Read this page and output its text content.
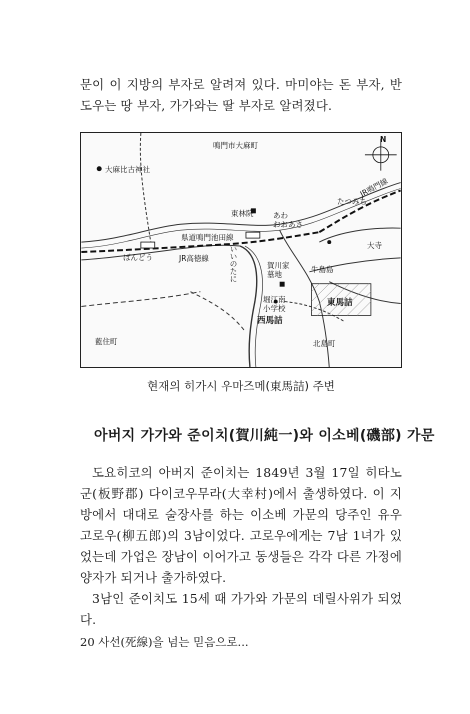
문이 이 지방의 부자로 알려져 있다. 마미야는 돈 부자, 반도우는 땅 부자, 가가와는 딸 부자로 알려졌다.

鳴門市大麻町
大麻比古神社
たつみち
JR鳴門線
東林院	あわ
おおあさ
県道鳴門池田線
大寺
ばんどう	JR高徳線	いいのたに	賀川家
墓地
牛島島
堀江南
小学校
東馬詰
西馬詰
藍住町	北島町
N
현재의 히가시 우마즈메(東馬詰) 주변
아버지 가가와 준이치(賀川純一)와 이소베(磯部) 가문

도요히코의 아버지 준이치는 1849년 3월 17일 히타노군(板野郡) 다이코우무라(大幸村)에서 출생하였다. 이 지방에서 대대로 술장사를 하는 이소베 가문의 당주인 유우 고로우(柳五郎)의 3남이었다. 고로우에게는 7남 1녀가 있었는데 가업은 장남이 이어가고 동생들은 각각 다른 가정에 양자가 되거나 출가하였다.

3남인 준이치도 15세 때 가가와 가문의 데릴사위가 되었다.

20 사선(死線)을 넘는 믿음으로...
